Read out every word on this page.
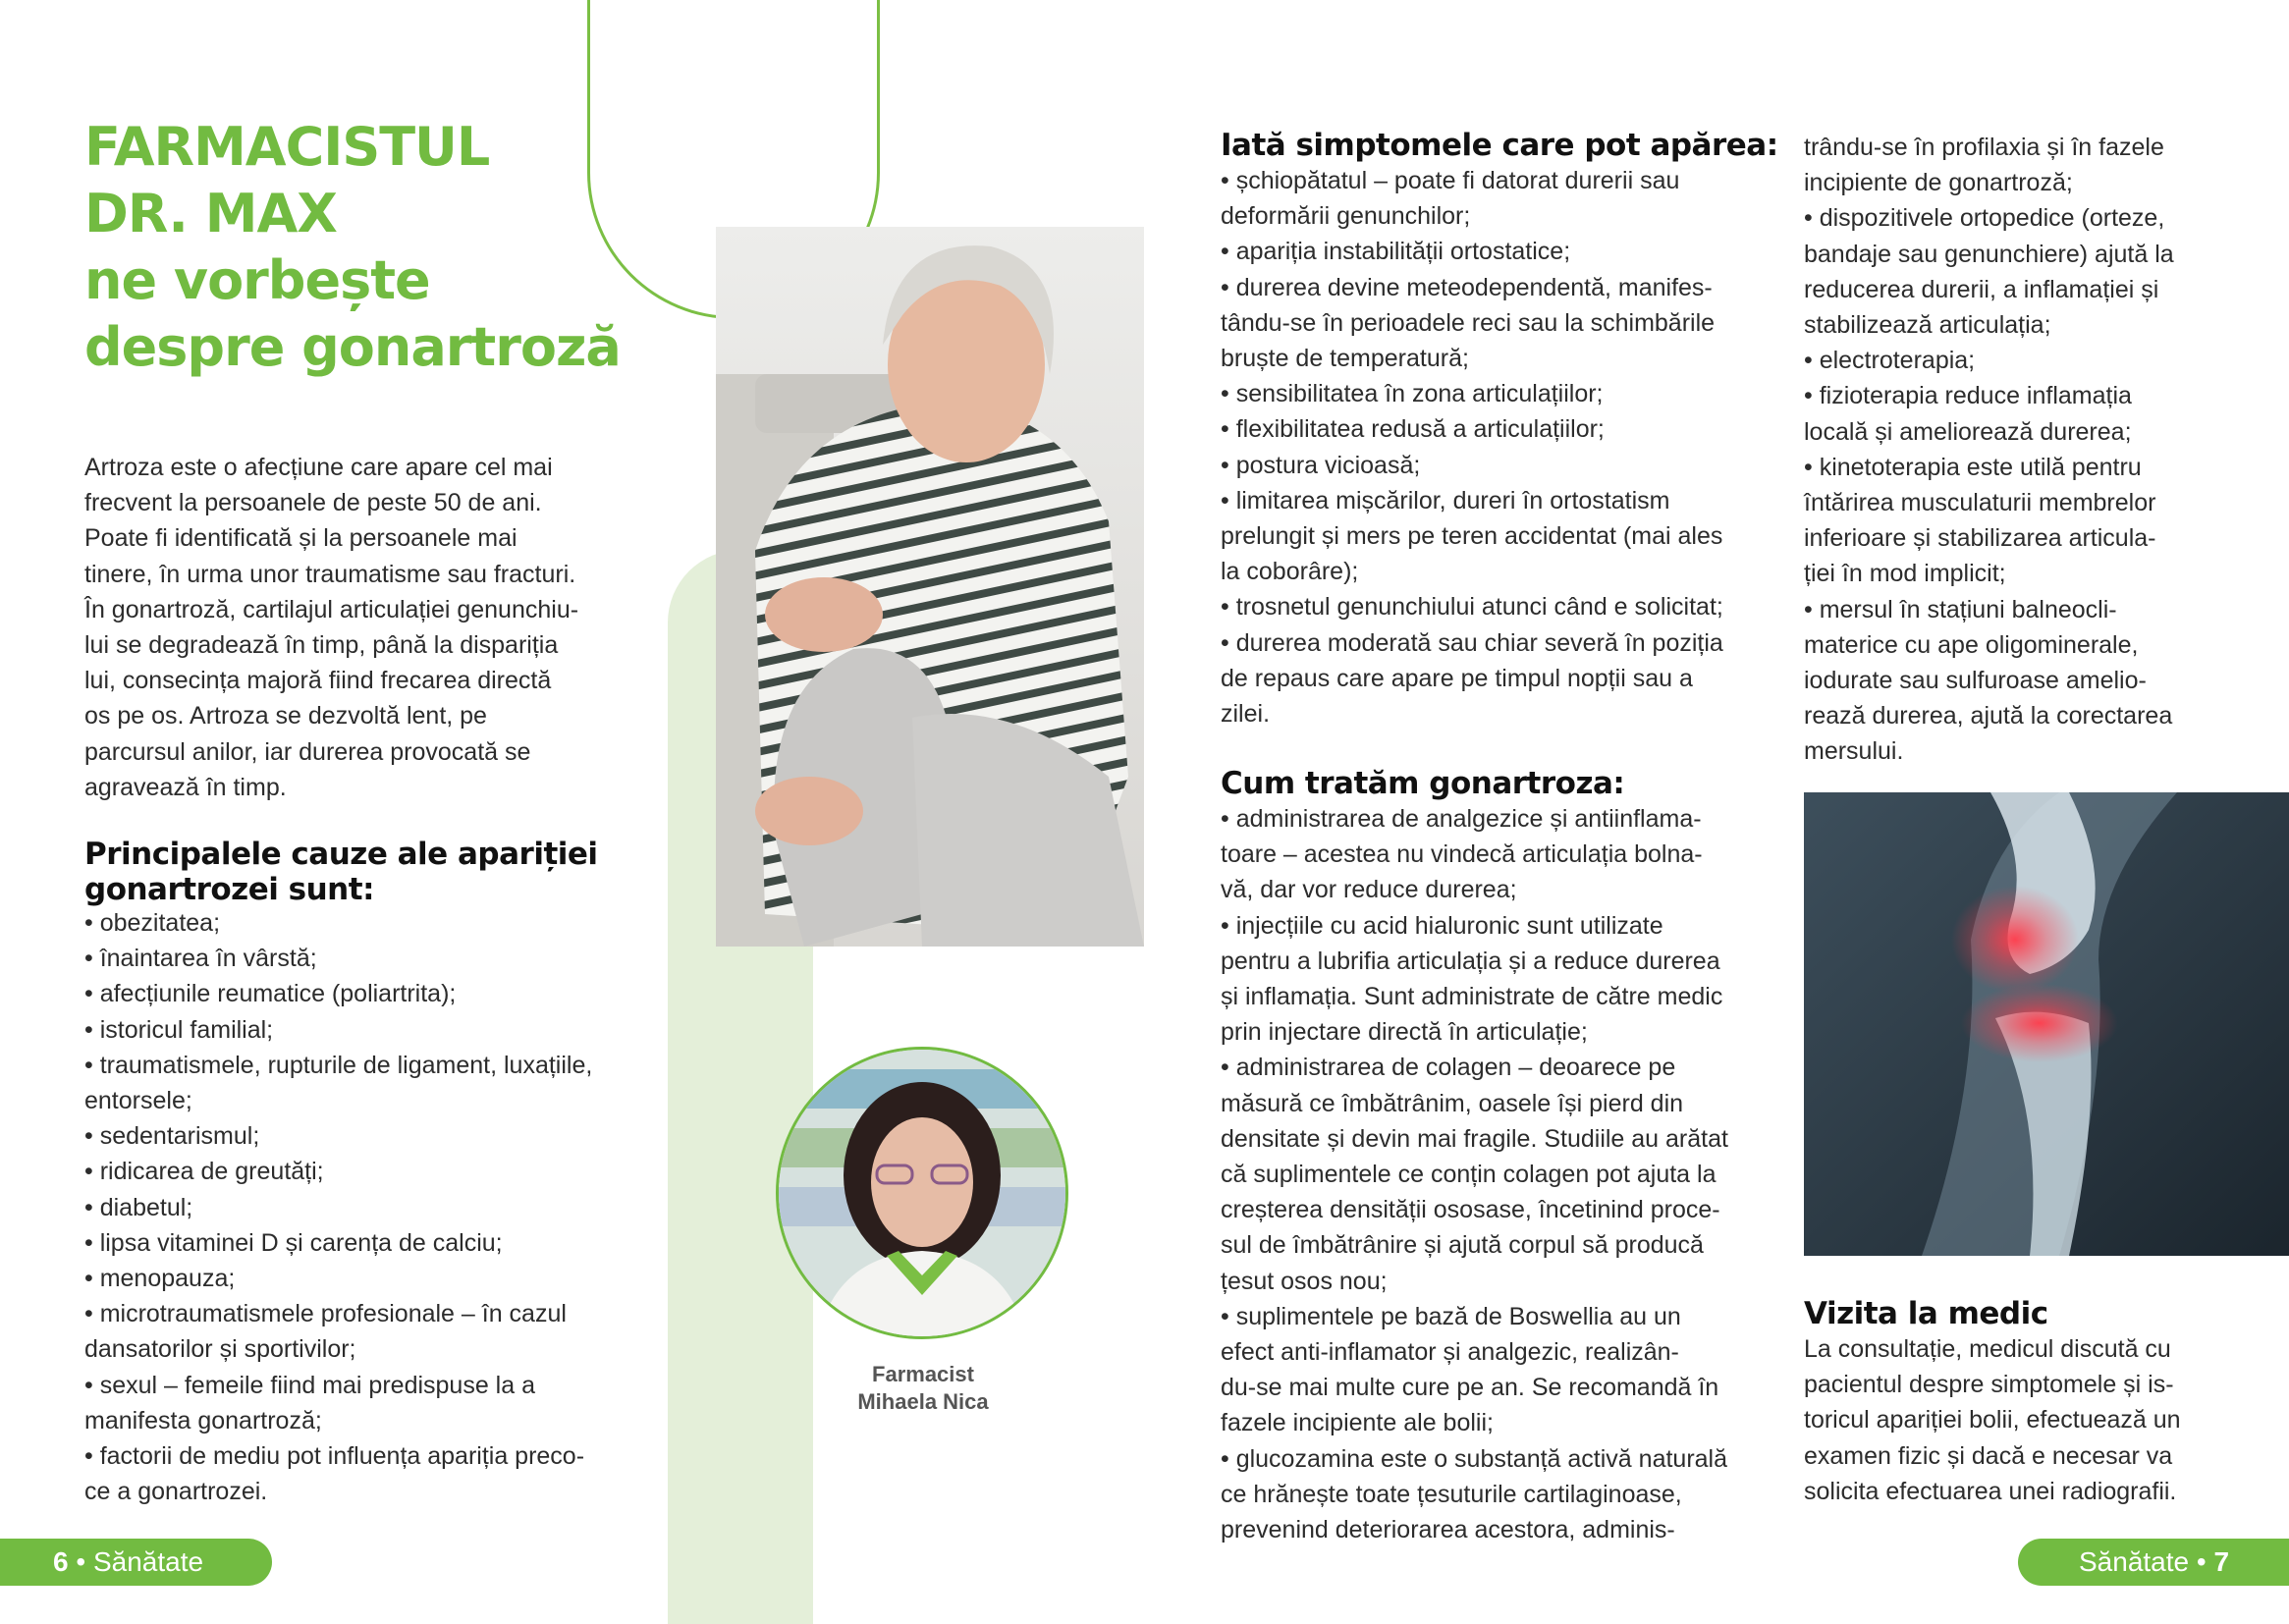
FARMACISTUL
DR. MAX
ne vorbește
despre gonartroză

Artroza este o afecțiune care apare cel mai

frecvent la persoanele de peste 50 de ani.

Poate fi identificată și la persoanele mai

tinere, în urma unor traumatisme sau fracturi.

În gonartroză, cartilajul articulației genunchiu-

lui se degradează în timp, până la dispariția

lui, consecința majoră fiind frecarea directă

os pe os. Artroza se dezvoltă lent, pe

parcursul anilor, iar durerea provocată se

agravează în timp.

Principalele cauze ale apariției

gonartrozei sunt:

• obezitatea;
• înaintarea în vârstă;
• afecțiunile reumatice (poliartrita);
• istoricul familial;
• traumatismele, rupturile de ligament, luxațiile,

entorsele;

• sedentarismul;
• ridicarea de greutăți;
• diabetul;
• lipsa vitaminei D și carența de calciu;
• menopauza;
• microtraumatismele profesionale – în cazul

dansatorilor și sportivilor;

• sexul – femeile fiind mai predispuse la a

manifesta gonartroză;

• factorii de mediu pot influența apariția preco-

ce a gonartrozei.

Farmacist

Mihaela Nica

Iată simptomele care pot apărea:

• șchiopătatul – poate fi datorat durerii sau

deformării genunchilor;

• apariția instabilității ortostatice;

• durerea devine meteodependentă, manifes-

tându-se în perioadele reci sau la schimbările

bruște de temperatură;

• sensibilitatea în zona articulațiilor;

• flexibilitatea redusă a articulațiilor;

• postura vicioasă;

• limitarea mișcărilor, dureri în ortostatism

prelungit și mers pe teren accidentat (mai ales

la coborâre);

• trosnetul genunchiului atunci când e solicitat;

• durerea moderată sau chiar severă în poziția

de repaus care apare pe timpul nopții sau a

zilei.

Cum tratăm gonartroza:

• administrarea de analgezice și antiinflama-

toare – acestea nu vindecă articulația bolna-

vă, dar vor reduce durerea;

• injecțiile cu acid hialuronic sunt utilizate

pentru a lubrifia articulația și a reduce durerea

și inflamația. Sunt administrate de către medic

prin injectare directă în articulație;

• administrarea de colagen – deoarece pe

măsură ce îmbătrânim, oasele își pierd din

densitate și devin mai fragile. Studiile au arătat

că suplimentele ce conțin colagen pot ajuta la

creșterea densității ososase, încetinind proce-

sul de îmbătrânire și ajută corpul să producă

țesut osos nou;

• suplimentele pe bază de Boswellia au un

efect anti-inflamator și analgezic, realizân-

du-se mai multe cure pe an. Se recomandă în

fazele incipiente ale bolii;

• glucozamina este o substanță activă naturală

ce hrănește toate țesuturile cartilaginoase,

prevenind deteriorarea acestora, adminis-

trându-se în profilaxia și în fazele

incipiente de gonartroză;

• dispozitivele ortopedice (orteze,

bandaje sau genunchiere) ajută la

reducerea durerii, a inflamației și

stabilizează articulația;

• electroterapia;

• fizioterapia reduce inflamația

locală și ameliorează durerea;

• kinetoterapia este utilă pentru

întărirea musculaturii membrelor

inferioare și stabilizarea articula-

ției în mod implicit;

• mersul în stațiuni balneocli-

materice cu ape oligominerale,

iodurate sau sulfuroase amelio-

rează durerea, ajută la corectarea

mersului.

Vizita la medic

La consultație, medicul discută cu

pacientul despre simptomele și is-

toricul apariției bolii, efectuează un

examen fizic și dacă e necesar va

solicita efectuarea unei radiografii.

6 • Sănătate	Sănătate • 7
